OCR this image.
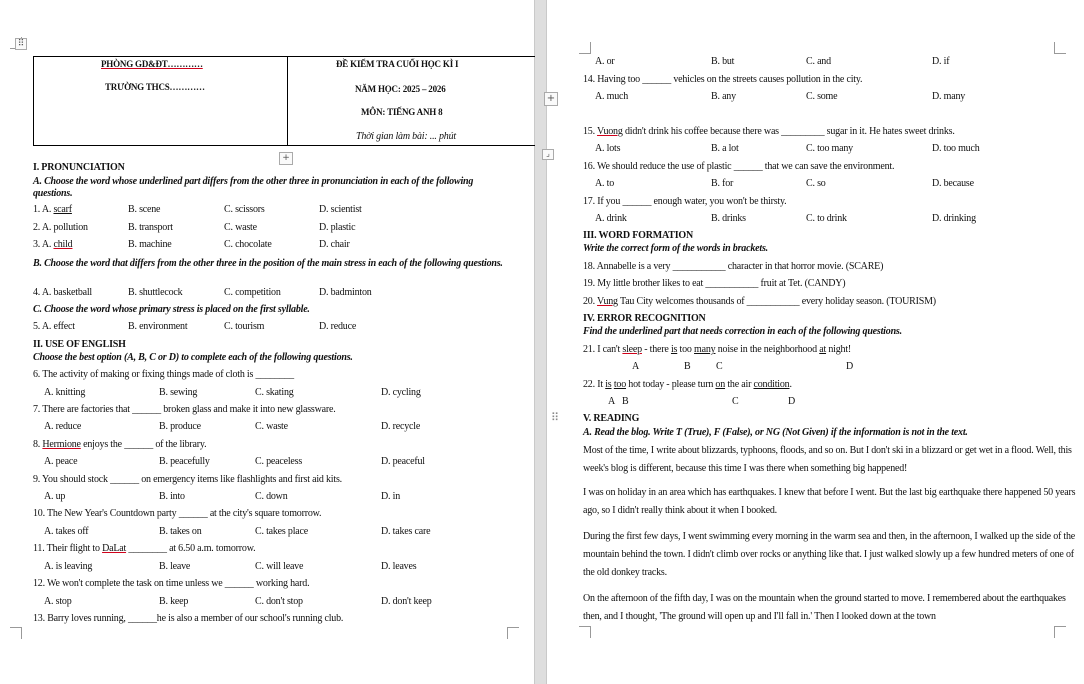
⠿
PHÒNG GD&ĐT…………
TRƯỜNG THCS…………
ĐỀ KIỂM TRA CUỐI HỌC KÌ I
NĂM HỌC: 2025 – 2026
MÔN: TIẾNG ANH 8
Thời gian làm bài: ... phút
+
I. PRONUNCIATION
A. Choose the word whose underlined part differs from the other three in pronunciation in each of the following questions.
1. A. scarf	B. scene	C. scissors	D. scientist
2. A. pollution	B. transport	C. waste	D. plastic
3. A. child	B. machine	C. chocolate	D. chair
B. Choose the word that differs from the other three in the position of the main stress in each of the following questions.
4. A. basketball	B. shuttlecock	C. competition	D. badminton
C. Choose the word whose primary stress is placed on the first syllable.
5. A. effect	B. environment	C. tourism	D. reduce
II. USE OF ENGLISH
Choose the best option (A, B, C or D) to complete each of the following questions.
6. The activity of making or fixing things made of cloth is ________
A. knitting	B. sewing	C. skating	D. cycling
7. There are factories that ______ broken glass and make it into new glassware.
A. reduce	B. produce	C. waste	D. recycle
8. Hermione enjoys the ______ of the library.
A. peace	B. peacefully	C. peaceless	D. peaceful
9. You should stock ______ on emergency items like flashlights and first aid kits.
A. up	B. into	C. down	D. in
10. The New Year's Countdown party ______ at the city's square tomorrow.
A. takes off	B. takes on	C. takes place	D. takes care
11. Their flight to DaLat ________ at 6.50 a.m. tomorrow.
A. is leaving	B. leave	C. will leave	D. leaves
12. We won't complete the task on time unless we ______ working hard.
A. stop	B. keep	C. don't stop	D. don't keep
13. Barry loves running, ______he is also a member of our school's running club.
+
⌟
⠿
A. or	B. but	C. and	D. if
14. Having too ______ vehicles on the streets causes pollution in the city.
A. much	B. any	C. some	D. many
15. Vuong didn't drink his coffee because there was _________ sugar in it. He hates sweet drinks.
A. lots	B. a lot	C. too many	D. too much
16. We should reduce the use of plastic ______ that we can save the environment.
A. to	B. for	C. so	D. because
17. If you ______ enough water, you won't be thirsty.
A. drink	B. drinks	C. to drink	D. drinking
III. WORD FORMATION
Write the correct form of the words in brackets.
18. Annabelle is a very ___________ character in that horror movie. (SCARE)
19. My little brother likes to eat ___________ fruit at Tet. (CANDY)
20. Vung Tau City welcomes thousands of ___________ every holiday season. (TOURISM)
IV. ERROR RECOGNITION
Find the underlined part that needs correction in each of the following questions.
21. I can't sleep - there is too many noise in the neighborhood at night!
A	B	C	D
22. It is too hot today - please turn on the air condition.
A B	C	D
V. READING
A. Read the blog. Write T (True), F (False), or NG (Not Given) if the information is not in the text.
Most of the time, I write about blizzards, typhoons, floods, and so on. But I don't ski in a blizzard or get wet in a flood. Well, this week's blog is different, because this time I was there when something big happened!
I was on holiday in an area which has earthquakes. I knew that before I went. But the last big earthquake there happened 50 years ago, so I didn't really think about it when I booked.
During the first few days, I went swimming every morning in the warm sea and then, in the afternoon, I walked up the side of the mountain behind the town. I didn't climb over rocks or anything like that. I just walked slowly up a few hundred meters of one of the old donkey tracks.
On the afternoon of the fifth day, I was on the mountain when the ground started to move. I remembered about the earthquakes then, and I thought, 'The ground will open up and I'll fall in.' Then I looked down at the town
